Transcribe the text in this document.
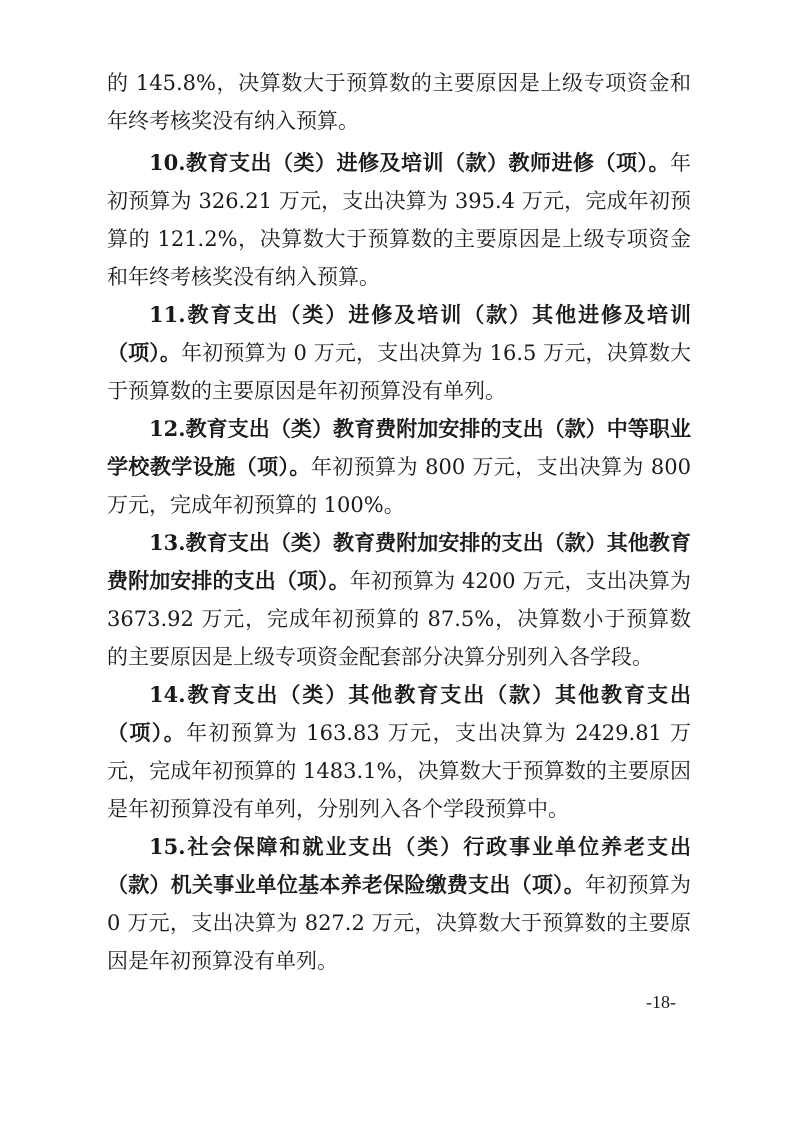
的 145.8%，决算数大于预算数的主要原因是上级专项资金和年终考核奖没有纳入预算。

10.教育支出（类）进修及培训（款）教师进修（项）。年初预算为 326.21 万元，支出决算为 395.4 万元，完成年初预算的 121.2%，决算数大于预算数的主要原因是上级专项资金和年终考核奖没有纳入预算。

11.教育支出（类）进修及培训（款）其他进修及培训（项）。年初预算为 0 万元，支出决算为 16.5 万元，决算数大于预算数的主要原因是年初预算没有单列。

12.教育支出（类）教育费附加安排的支出（款）中等职业学校教学设施（项）。年初预算为 800 万元，支出决算为 800 万元，完成年初预算的 100%。

13.教育支出（类）教育费附加安排的支出（款）其他教育费附加安排的支出（项）。年初预算为 4200 万元，支出决算为 3673.92 万元，完成年初预算的 87.5%，决算数小于预算数的主要原因是上级专项资金配套部分决算分别列入各学段。

14.教育支出（类）其他教育支出（款）其他教育支出（项）。年初预算为 163.83 万元，支出决算为 2429.81 万元，完成年初预算的 1483.1%，决算数大于预算数的主要原因是年初预算没有单列，分别列入各个学段预算中。

15.社会保障和就业支出（类）行政事业单位养老支出（款）机关事业单位基本养老保险缴费支出（项）。年初预算为 0 万元，支出决算为 827.2 万元，决算数大于预算数的主要原因是年初预算没有单列。

-18-
